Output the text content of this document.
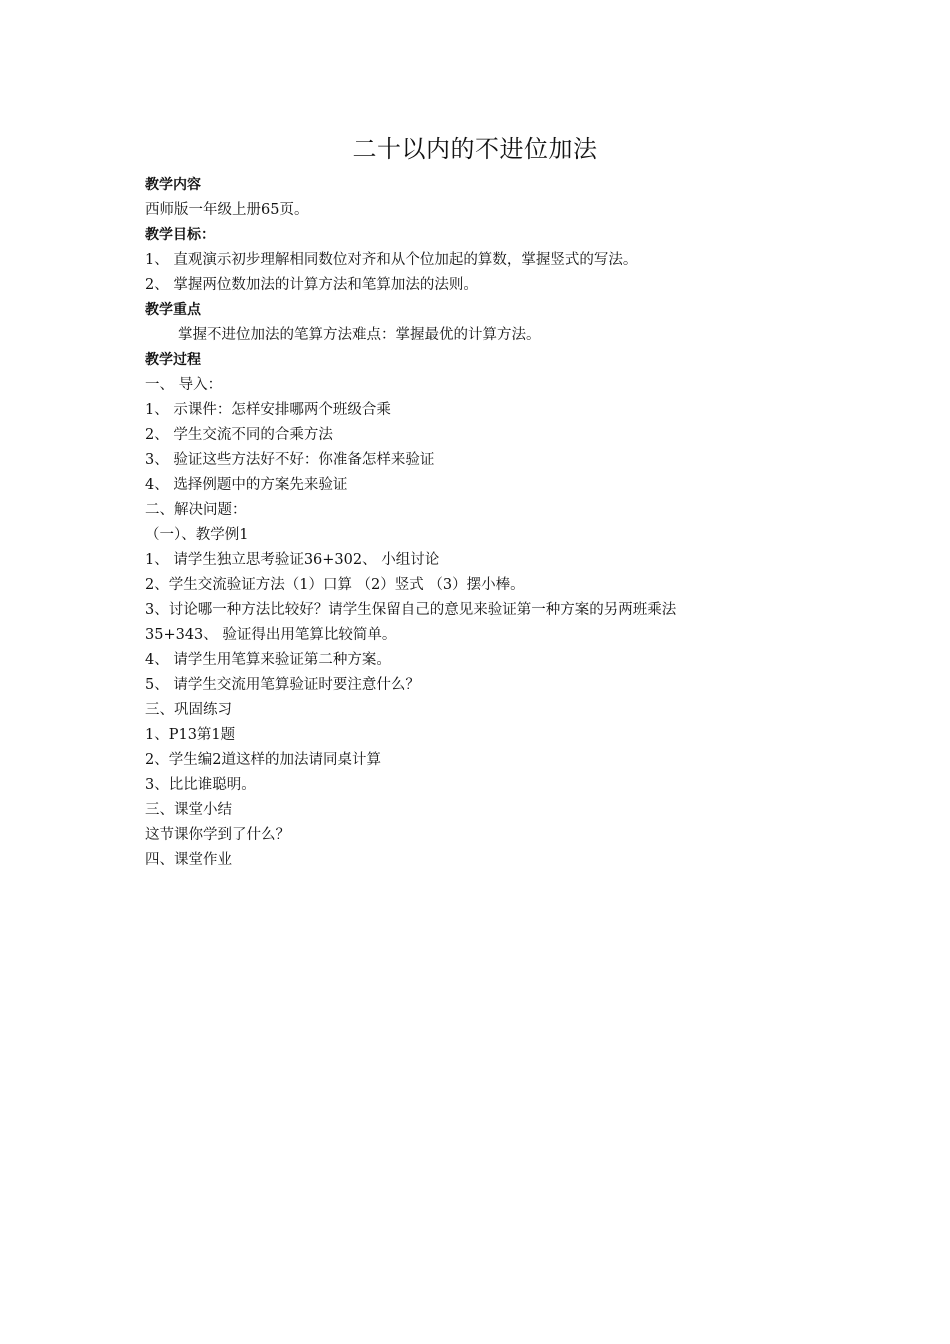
二十以内的不进位加法
教学内容
西师版一年级上册65页。
教学目标：
1、 直观演示初步理解相同数位对齐和从个位加起的算数，掌握竖式的写法。
2、 掌握两位数加法的计算方法和笔算加法的法则。
教学重点
掌握不进位加法的笔算方法难点：掌握最优的计算方法。
教学过程
一、 导入：
1、 示课件：怎样安排哪两个班级合乘
2、 学生交流不同的合乘方法
3、 验证这些方法好不好：你准备怎样来验证
4、 选择例题中的方案先来验证
二、解决问题：
（一）、教学例1
1、 请学生独立思考验证36+302、 小组讨论
2、学生交流验证方法（1）口算 （2）竖式 （3）摆小棒。
3、讨论哪一种方法比较好？请学生保留自己的意见来验证第一种方案的另两班乘法
35+343、 验证得出用笔算比较简单。
4、 请学生用笔算来验证第二种方案。
5、 请学生交流用笔算验证时要注意什么？
三、巩固练习
1、P13第1题
2、学生编2道这样的加法请同桌计算
3、比比谁聪明。
三、课堂小结
这节课你学到了什么？
四、课堂作业
